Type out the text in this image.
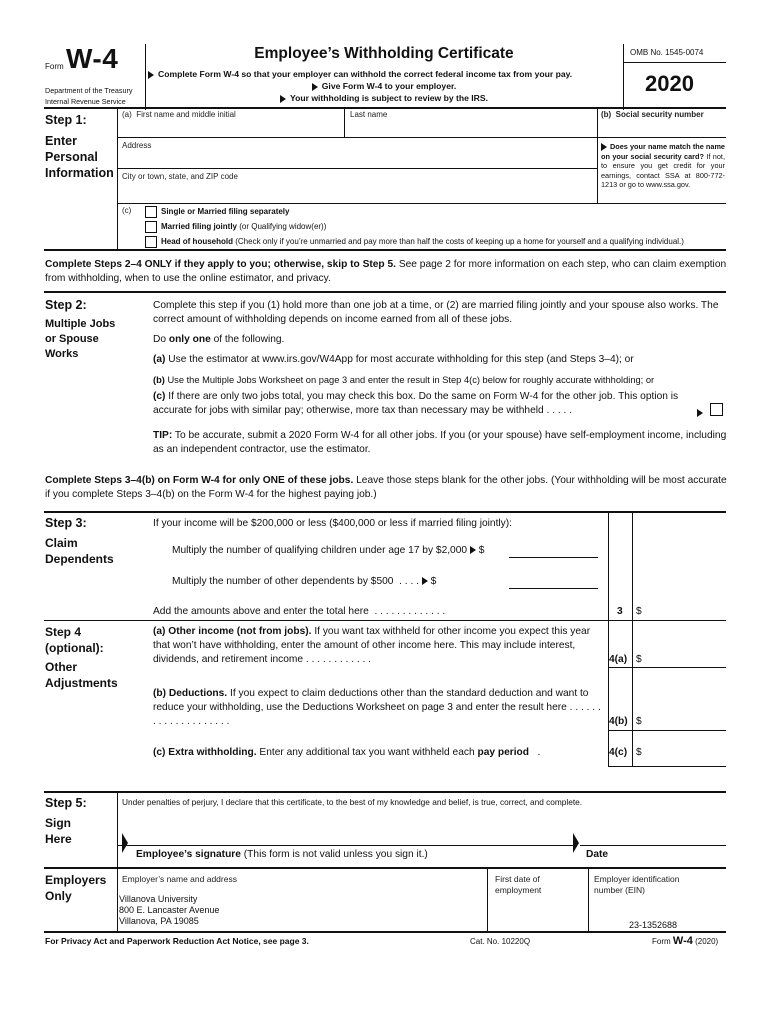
Form W-4
Department of the Treasury
Internal Revenue Service
Employee’s Withholding Certificate
Complete Form W-4 so that your employer can withhold the correct federal income tax from your pay.
Give Form W-4 to your employer.
Your withholding is subject to review by the IRS.
OMB No. 1545-0074
2020
Step 1:
Enter
Personal
Information
(a) First name and middle initial	Last name	(b) Social security number
Address
City or town, state, and ZIP code
Does your name match the name on your social security card? If not, to ensure you get credit for your earnings, contact SSA at 800-772-1213 or go to www.ssa.gov.
(c)	Single or Married filing separately
Married filing jointly (or Qualifying widow(er))
Head of household (Check only if you’re unmarried and pay more than half the costs of keeping up a home for yourself and a qualifying individual.)
Complete Steps 2–4 ONLY if they apply to you; otherwise, skip to Step 5. See page 2 for more information on each step, who can claim exemption from withholding, when to use the online estimator, and privacy.
Step 2:
Multiple Jobs
or Spouse
Works
Complete this step if you (1) hold more than one job at a time, or (2) are married filing jointly and your spouse also works. The correct amount of withholding depends on income earned from all of these jobs.
Do only one of the following.
(a) Use the estimator at www.irs.gov/W4App for most accurate withholding for this step (and Steps 3–4); or
(b) Use the Multiple Jobs Worksheet on page 3 and enter the result in Step 4(c) below for roughly accurate withholding; or
(c) If there are only two jobs total, you may check this box. Do the same on Form W-4 for the other job. This option is accurate for jobs with similar pay; otherwise, more tax than necessary may be withheld . . . . .
TIP: To be accurate, submit a 2020 Form W-4 for all other jobs. If you (or your spouse) have self-employment income, including as an independent contractor, use the estimator.
Complete Steps 3–4(b) on Form W-4 for only ONE of these jobs. Leave those steps blank for the other jobs. (Your withholding will be most accurate if you complete Steps 3–4(b) on the Form W-4 for the highest paying job.)
Step 3:
Claim
Dependents
If your income will be $200,000 or less ($400,000 or less if married filing jointly):
Multiply the number of qualifying children under age 17 by $2,000 $
Multiply the number of other dependents by $500 . . . . $
Add the amounts above and enter the total here . . . . . . . . . . . . .	3 $
Step 4
(optional):
Other
Adjustments
(a) Other income (not from jobs). If you want tax withheld for other income you expect this year that won’t have withholding, enter the amount of other income here. This may include interest, dividends, and retirement income . . . . . . . . . . . .	4(a) $
(b) Deductions. If you expect to claim deductions other than the standard deduction and want to reduce your withholding, use the Deductions Worksheet on page 3 and enter the result here . . . . . . . . . . . . . . . . . . . .	4(b) $
(c) Extra withholding. Enter any additional tax you want withheld each pay period .	4(c) $
Step 5:
Sign
Here
Under penalties of perjury, I declare that this certificate, to the best of my knowledge and belief, is true, correct, and complete.
Employee’s signature (This form is not valid unless you sign it.)	Date
Employers
Only
Employer’s name and address
Villanova University
800 E. Lancaster Avenue
Villanova, PA 19085
First date of
employment
Employer identification
number (EIN)
23-1352688
For Privacy Act and Paperwork Reduction Act Notice, see page 3.	Cat. No. 10220Q	Form W-4 (2020)
